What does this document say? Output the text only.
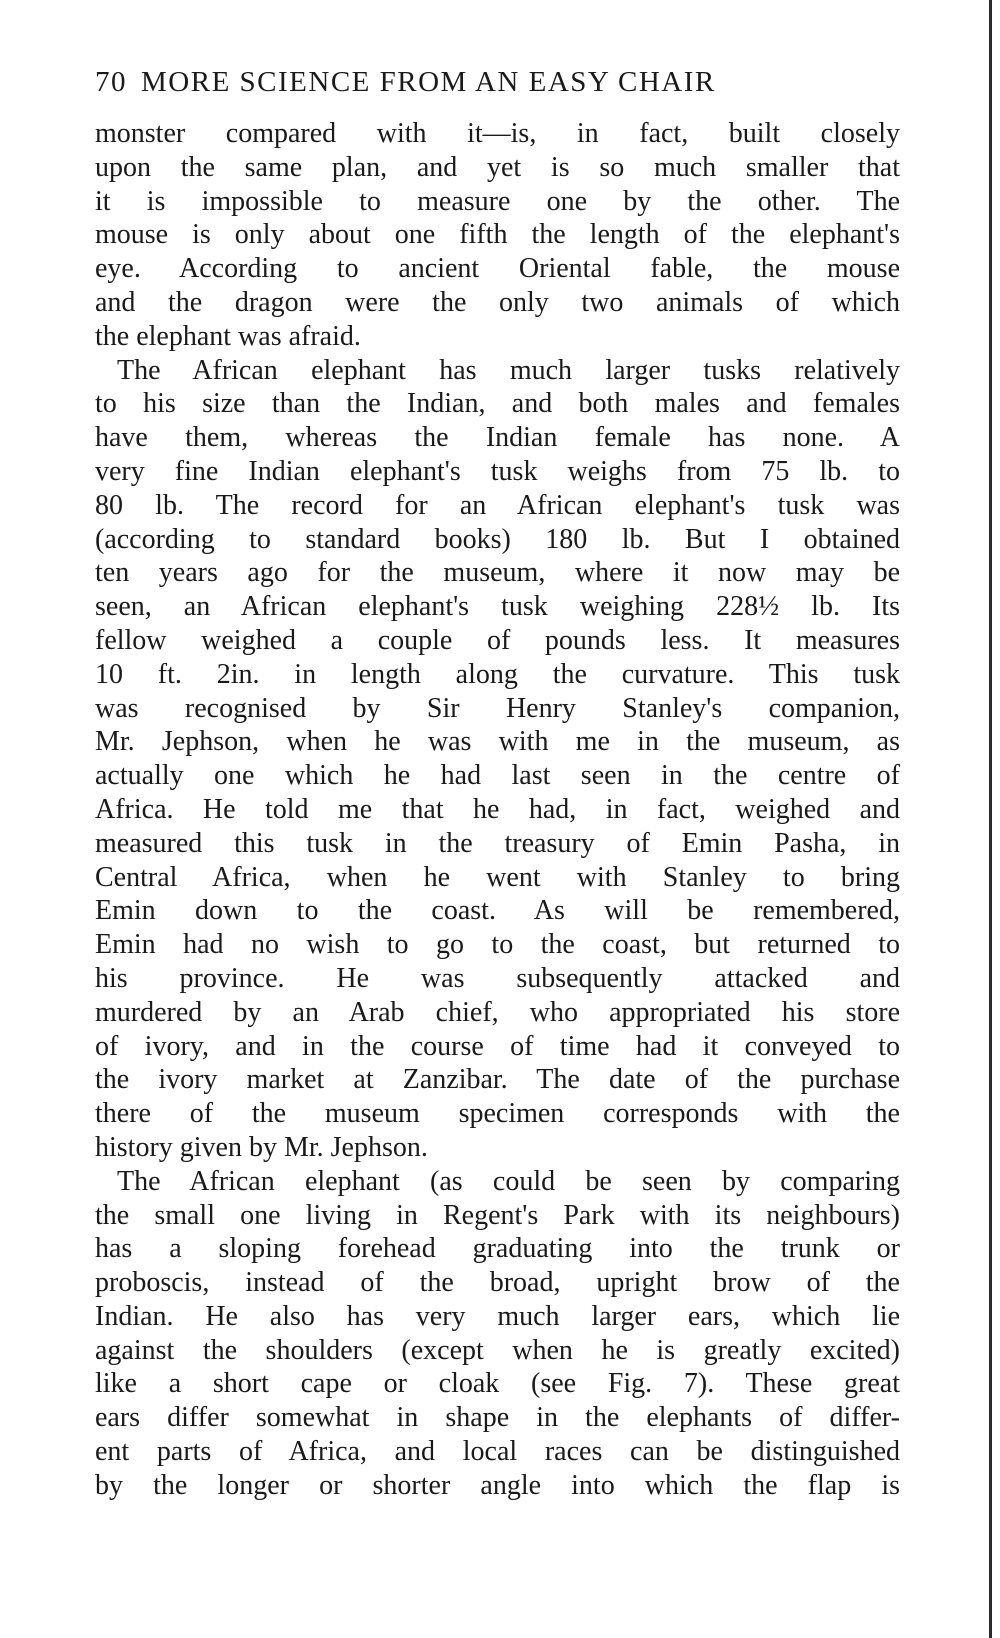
70 MORE SCIENCE FROM AN EASY CHAIR
monster compared with it—is, in fact, built closely
upon the same plan, and yet is so much smaller that
it is impossible to measure one by the other. The
mouse is only about one fifth the length of the elephant's
eye. According to ancient Oriental fable, the mouse
and the dragon were the only two animals of which
the elephant was afraid.
The African elephant has much larger tusks relatively
to his size than the Indian, and both males and females
have them, whereas the Indian female has none. A
very fine Indian elephant's tusk weighs from 75 lb. to
80 lb. The record for an African elephant's tusk was
(according to standard books) 180 lb. But I obtained
ten years ago for the museum, where it now may be
seen, an African elephant's tusk weighing 228½ lb. Its
fellow weighed a couple of pounds less. It measures
10 ft. 2in. in length along the curvature. This tusk
was recognised by Sir Henry Stanley's companion,
Mr. Jephson, when he was with me in the museum, as
actually one which he had last seen in the centre of
Africa. He told me that he had, in fact, weighed and
measured this tusk in the treasury of Emin Pasha, in
Central Africa, when he went with Stanley to bring
Emin down to the coast. As will be remembered,
Emin had no wish to go to the coast, but returned to
his province. He was subsequently attacked and
murdered by an Arab chief, who appropriated his store
of ivory, and in the course of time had it conveyed to
the ivory market at Zanzibar. The date of the purchase
there of the museum specimen corresponds with the
history given by Mr. Jephson.
The African elephant (as could be seen by comparing
the small one living in Regent's Park with its neighbours)
has a sloping forehead graduating into the trunk or
proboscis, instead of the broad, upright brow of the
Indian. He also has very much larger ears, which lie
against the shoulders (except when he is greatly excited)
like a short cape or cloak (see Fig. 7). These great
ears differ somewhat in shape in the elephants of differ-
ent parts of Africa, and local races can be distinguished
by the longer or shorter angle into which the flap is
